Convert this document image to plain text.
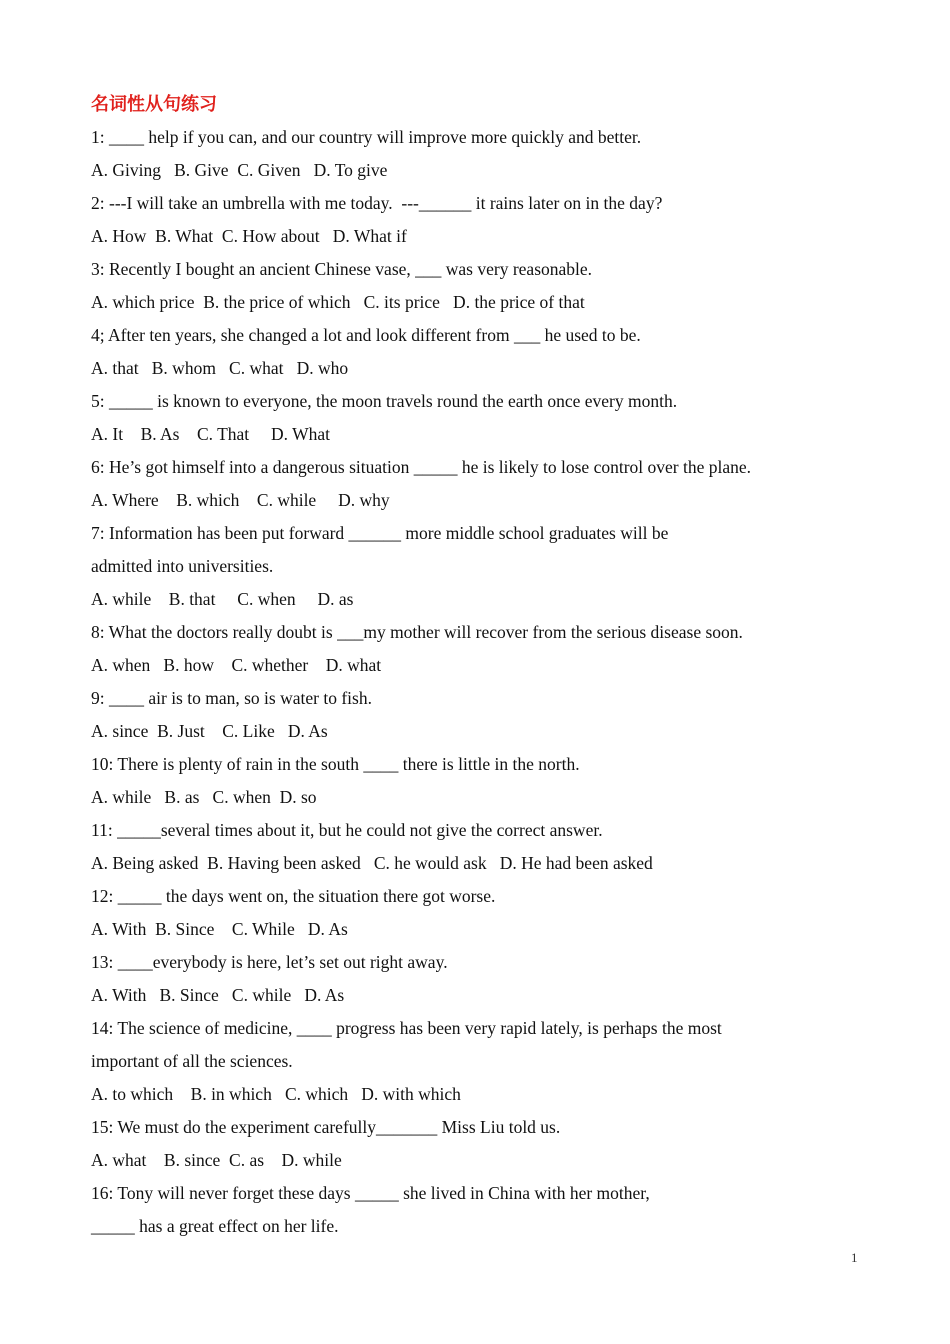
名词性从句练习
1: ____ help if you can, and our country will improve more quickly and better.
A. Giving   B. Give  C. Given   D. To give
2: ---I will take an umbrella with me today.  ---______ it rains later on in the day?
A. How  B. What  C. How about   D. What if
3: Recently I bought an ancient Chinese vase, ___ was very reasonable.
A. which price  B. the price of which   C. its price   D. the price of that
4; After ten years, she changed a lot and look different from ___ he used to be.
A. that   B. whom   C. what   D. who
5: _____ is known to everyone, the moon travels round the earth once every month.
A. It    B. As    C. That     D. What
6: He’s got himself into a dangerous situation _____ he is likely to lose control over the plane.
A. Where    B. which    C. while     D. why
7: Information has been put forward ______ more middle school graduates will be
admitted into universities.
A. while    B. that     C. when     D. as
8: What the doctors really doubt is ___my mother will recover from the serious disease soon.
A. when   B. how    C. whether    D. what
9: ____ air is to man, so is water to fish.
A. since  B. Just    C. Like   D. As
10: There is plenty of rain in the south ____ there is little in the north.
A. while   B. as   C. when  D. so
11: _____several times about it, but he could not give the correct answer.
A. Being asked  B. Having been asked   C. he would ask   D. He had been asked
12: _____ the days went on, the situation there got worse.
A. With  B. Since    C. While   D. As
13: ____everybody is here, let’s set out right away.
A. With   B. Since   C. while   D. As
14: The science of medicine, ____ progress has been very rapid lately, is perhaps the most
important of all the sciences.
A. to which    B. in which   C. which   D. with which
15: We must do the experiment carefully_______ Miss Liu told us.
A. what    B. since  C. as    D. while
16: Tony will never forget these days _____ she lived in China with her mother,
_____ has a great effect on her life.
1
